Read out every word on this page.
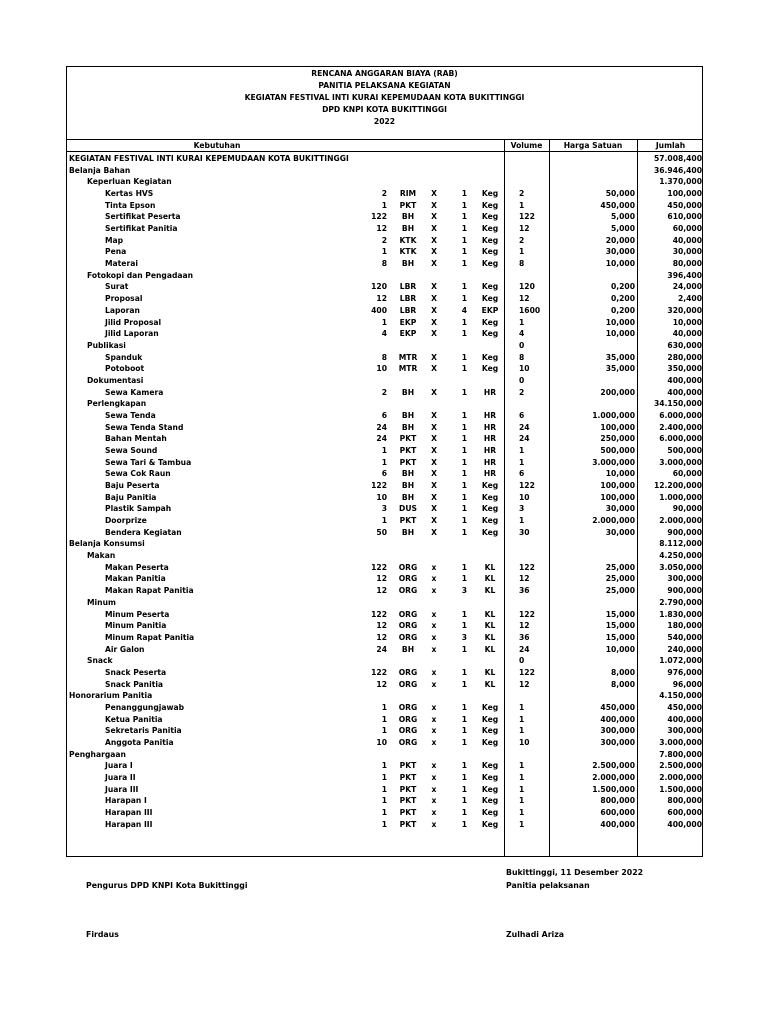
RENCANA ANGGARAN BIAYA (RAB)
PANITIA PELAKSANA KEGIATAN
KEGIATAN FESTIVAL INTI KURAI KEPEMUDAAN KOTA BUKITTINGGI
DPD KNPI KOTA BUKITTINGGI
2022
Kebutuhan	Volume	Harga Satuan	Jumlah
KEGIATAN FESTIVAL INTI KURAI KEPEMUDAAN KOTA BUKITTINGGI	57.008,400
Belanja Bahan	36.946,400
Keperluan Kegiatan	1.370,000
Kertas HVS	2	RIM	X	1	Keg	2	50,000	100,000
Tinta Epson	1	PKT	X	1	Keg	1	450,000	450,000
Sertifikat Peserta	122	BH	X	1	Keg	122	5,000	610,000
Sertifikat Panitia	12	BH	X	1	Keg	12	5,000	60,000
Map	2	KTK	X	1	Keg	2	20,000	40,000
Pena	1	KTK	X	1	Keg	1	30,000	30,000
Materai	8	BH	X	1	Keg	8	10,000	80,000
Fotokopi dan Pengadaan	396,400
Surat	120	LBR	X	1	Keg	120	0,200	24,000
Proposal	12	LBR	X	1	Keg	12	0,200	2,400
Laporan	400	LBR	X	4	EKP	1600	0,200	320,000
Jilid Proposal	1	EKP	X	1	Keg	1	10,000	10,000
Jilid Laporan	4	EKP	X	1	Keg	4	10,000	40,000
Publikasi	0	630,000
Spanduk	8	MTR	X	1	Keg	8	35,000	280,000
Potoboot	10	MTR	X	1	Keg	10	35,000	350,000
Dokumentasi	0	400,000
Sewa Kamera	2	BH	X	1	HR	2	200,000	400,000
Perlengkapan	34.150,000
Sewa Tenda	6	BH	X	1	HR	6	1.000,000	6.000,000
Sewa Tenda Stand	24	BH	X	1	HR	24	100,000	2.400,000
Bahan Mentah	24	PKT	X	1	HR	24	250,000	6.000,000
Sewa Sound	1	PKT	X	1	HR	1	500,000	500,000
Sewa Tari & Tambua	1	PKT	X	1	HR	1	3.000,000	3.000,000
Sewa Cok Raun	6	BH	X	1	HR	6	10,000	60,000
Baju Peserta	122	BH	X	1	Keg	122	100,000	12.200,000
Baju Panitia	10	BH	X	1	Keg	10	100,000	1.000,000
Plastik Sampah	3	DUS	X	1	Keg	3	30,000	90,000
Doorprize	1	PKT	X	1	Keg	1	2.000,000	2.000,000
Bendera Kegiatan	50	BH	X	1	Keg	30	30,000	900,000
Belanja Konsumsi	8.112,000
Makan	4.250,000
Makan Peserta	122	ORG	x	1	KL	122	25,000	3.050,000
Makan Panitia	12	ORG	x	1	KL	12	25,000	300,000
Makan Rapat Panitia	12	ORG	x	3	KL	36	25,000	900,000
Minum	2.790,000
Minum Peserta	122	ORG	x	1	KL	122	15,000	1.830,000
Minum Panitia	12	ORG	x	1	KL	12	15,000	180,000
Minum Rapat Panitia	12	ORG	x	3	KL	36	15,000	540,000
Air Galon	24	BH	x	1	KL	24	10,000	240,000
Snack	0	1.072,000
Snack Peserta	122	ORG	x	1	KL	122	8,000	976,000
Snack Panitia	12	ORG	x	1	KL	12	8,000	96,000
Honorarium Panitia	4.150,000
Penanggungjawab	1	ORG	x	1	Keg	1	450,000	450,000
Ketua Panitia	1	ORG	x	1	Keg	1	400,000	400,000
Sekretaris Panitia	1	ORG	x	1	Keg	1	300,000	300,000
Anggota Panitia	10	ORG	x	1	Keg	10	300,000	3.000,000
Penghargaan	7.800,000
Juara I	1	PKT	x	1	Keg	1	2.500,000	2.500,000
Juara II	1	PKT	x	1	Keg	1	2.000,000	2.000,000
Juara III	1	PKT	x	1	Keg	1	1.500,000	1.500,000
Harapan I	1	PKT	x	1	Keg	1	800,000	800,000
Harapan III	1	PKT	x	1	Keg	1	600,000	600,000
Harapan III	1	PKT	x	1	Keg	1	400,000	400,000
Bukittinggi, 11 Desember 2022
Pengurus DPD KNPI Kota Bukittinggi	Panitia pelaksanan
Firdaus	Zulhadi Ariza
